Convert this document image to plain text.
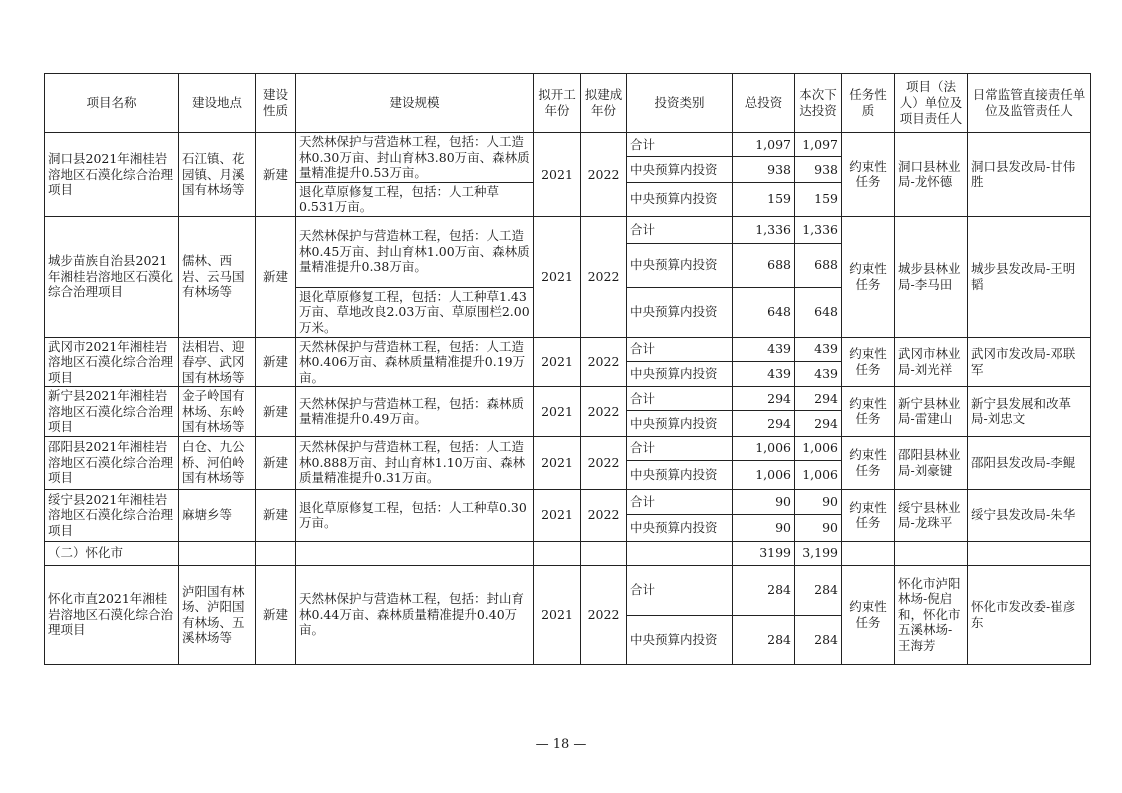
项目名称	建设地点	建设性质	建设规模	拟开工年份	拟建成年份	投资类别	总投资	本次下达投资	任务性质	项目（法人）单位及项目责任人	日常监管直接责任单位及监管责任人
洞口县2021年湘桂岩溶地区石漠化综合治理项目	石江镇、花园镇、月溪国有林场等	新建	天然林保护与营造林工程，包括：人工造林0.30万亩、封山育林3.80万亩、森林质量精准提升0.53万亩。	2021	2022	合计	1,097	1,097	约束性任务	洞口县林业局-龙怀德	洞口县发改局-甘伟胜
						中央预算内投资	938	938			
			退化草原修复工程，包括：人工种草0.531万亩。			中央预算内投资	159	159			
城步苗族自治县2021年湘桂岩溶地区石漠化综合治理项目	儒林、西岩、云马国有林场等	新建	天然林保护与营造林工程，包括：人工造林0.45万亩、封山育林1.00万亩、森林质量精准提升0.38万亩。	2021	2022	合计	1,336	1,336	约束性任务	城步县林业局-李马田	城步县发改局-王明韬
						中央预算内投资	688	688			
			退化草原修复工程，包括：人工种草1.43万亩、草地改良2.03万亩、草原围栏2.00万米。			中央预算内投资	648	648			
武冈市2021年湘桂岩溶地区石漠化综合治理项目	法相岩、迎春亭、武冈国有林场等	新建	天然林保护与营造林工程，包括：人工造林0.406万亩、森林质量精准提升0.19万亩。	2021	2022	合计	439	439	约束性任务	武冈市林业局-刘光祥	武冈市发改局-邓联军
						中央预算内投资	439	439			
新宁县2021年湘桂岩溶地区石漠化综合治理项目	金子岭国有林场、东岭国有林场等	新建	天然林保护与营造林工程，包括：森林质量精准提升0.49万亩。	2021	2022	合计	294	294	约束性任务	新宁县林业局-雷建山	新宁县发展和改革局-刘忠文
						中央预算内投资	294	294			
邵阳县2021年湘桂岩溶地区石漠化综合治理项目	白仓、九公桥、河伯岭国有林场等	新建	天然林保护与营造林工程，包括：人工造林0.888万亩、封山育林1.10万亩、森林质量精准提升0.31万亩。	2021	2022	合计	1,006	1,006	约束性任务	邵阳县林业局-刘豪键	邵阳县发改局-李鲲
						中央预算内投资	1,006	1,006			
绥宁县2021年湘桂岩溶地区石漠化综合治理项目	麻塘乡等	新建	退化草原修复工程，包括：人工种草0.30万亩。	2021	2022	合计	90	90	约束性任务	绥宁县林业局-龙珠平	绥宁县发改局-朱华
						中央预算内投资	90	90			
（二）怀化市							3199	3,199			
怀化市直2021年湘桂岩溶地区石漠化综合治理项目	泸阳国有林场、泸阳国有林场、五溪林场等	新建	天然林保护与营造林工程，包括：封山育林0.44万亩、森林质量精准提升0.40万亩。	2021	2022	合计	284	284	约束性任务	怀化市泸阳林场-倪启和，怀化市五溪林场-王海芳	怀化市发改委-崔彦东
						中央预算内投资	284	284			
— 18 —
